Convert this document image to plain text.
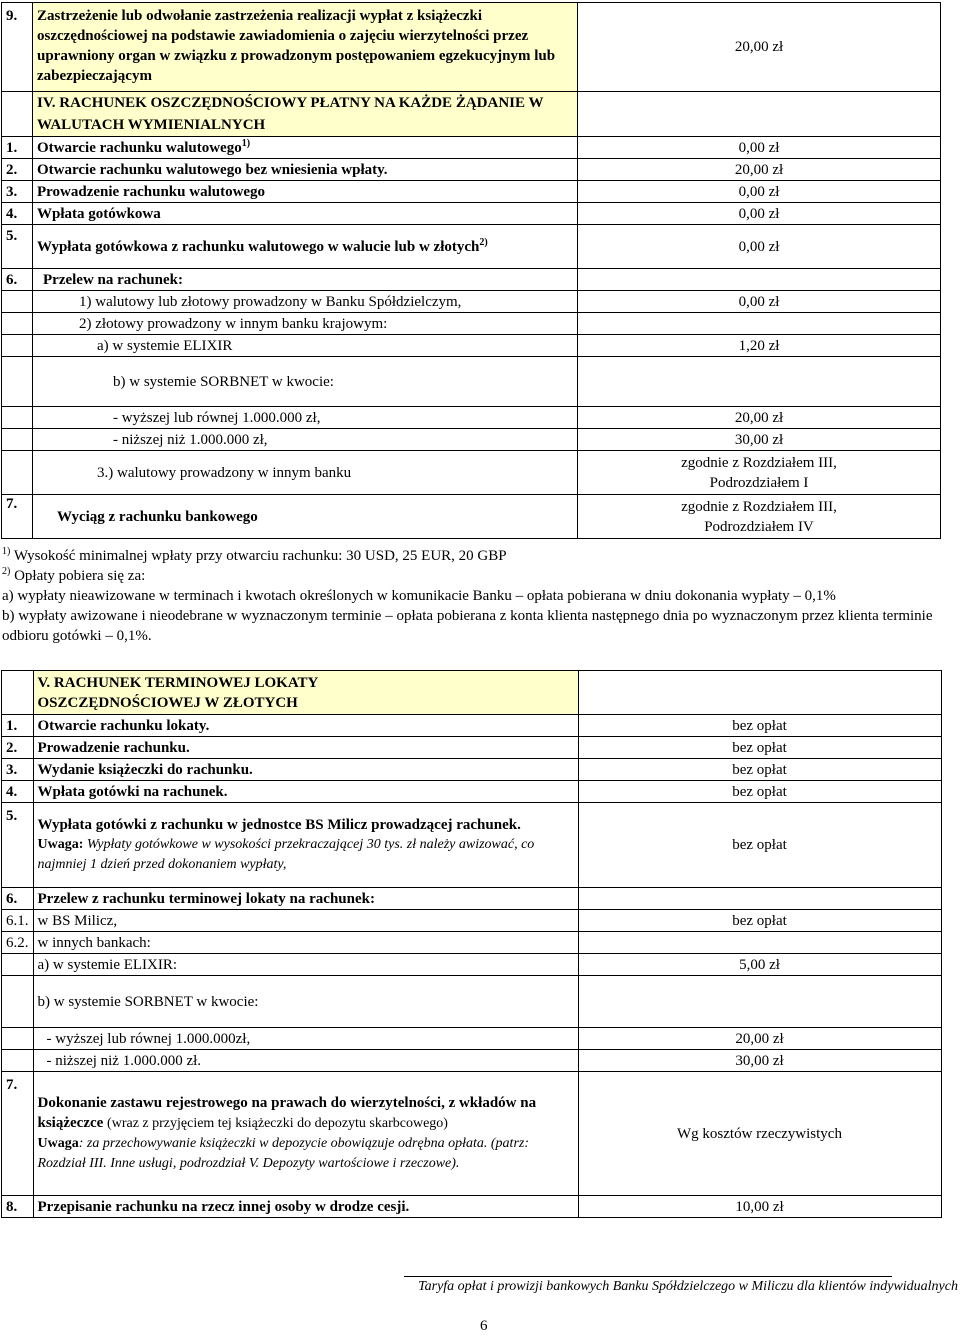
9.	Zastrzeżenie lub odwołanie zastrzeżenia realizacji wypłat z książeczki oszczędnościowej na podstawie zawiadomienia o zajęciu wierzytelności przez uprawniony organ w związku z prowadzonym postępowaniem egzekucyjnym lub zabezpieczającym	20,00 zł
	IV. RACHUNEK OSZCZĘDNOŚCIOWY PŁATNY NA KAŻDE ŻĄDANIE W WALUTACH WYMIENIALNYCH	
1.	Otwarcie rachunku walutowego$^{1)}$	0,00 zł
2.	Otwarcie rachunku walutowego bez wniesienia wpłaty.	20,00 zł
3.	Prowadzenie rachunku walutowego	0,00 zł
4.	Wpłata gotówkowa	0,00 zł
5.	Wypłata gotówkowa z rachunku walutowego w walucie lub w złotych$^{2)}$	0,00 zł
6.	Przelew na rachunek:	
	1) walutowy lub złotowy prowadzony w Banku Spółdzielczym,	0,00 zł
	2) złotowy prowadzony w innym banku krajowym:	
	a) w systemie ELIXIR	1,20 zł
	b) w systemie SORBNET w kwocie:	
	- wyższej lub równej 1.000.000 zł,	20,00 zł
	- niższej niż 1.000.000 zł,	30,00 zł
	3.) walutowy prowadzony w innym banku	zgodnie z Rozdziałem III,
Podrozdziałem I

7.	Wyciąg z rachunku bankowego	zgodnie z Rozdziałem III,
Podrozdziałem IV

$^{1)}$ Wysokość minimalnej wpłaty przy otwarciu rachunku: 30 USD, 25 EUR, 20 GBP

$^{2)}$ Opłaty pobiera się za:

a) wypłaty nieawizowane w terminach i kwotach określonych w komunikacie Banku – opłata pobierana w dniu dokonania wypłaty – 0,1%

b) wypłaty awizowane i nieodebrane w wyznaczonym terminie – opłata pobierana z konta klienta następnego dnia po wyznaczonym przez klienta terminie odbioru gotówki – 0,1%.

	V. RACHUNEK TERMINOWEJ LOKATY
OSZCZĘDNOŚCIOWEJ W ZŁOTYCH	

1.	Otwarcie rachunku lokaty.	bez opłat
2.	Prowadzenie rachunku.	bez opłat
3.	Wydanie książeczki do rachunku.	bez opłat
4.	Wpłata gotówki na rachunek.	bez opłat
5.	Wypłata gotówki z rachunku w jednostce BS Milicz prowadzącej rachunek.
Uwaga: Wypłaty gotówkowe w wysokości przekraczającej 30 tys. zł należy awizować, co najmniej 1 dzień przed dokonaniem wypłaty,	bez opłat
6.	Przelew z rachunku terminowej lokaty na rachunek:	
6.1.	w BS Milicz,	bez opłat
6.2.	w innych bankach:	
	a) w systemie ELIXIR:	5,00 zł
	b) w systemie SORBNET w kwocie:	
	- wyższej lub równej 1.000.000zł,	20,00 zł
	- niższej niż 1.000.000 zł.	30,00 zł
7.	Dokonanie zastawu rejestrowego na prawach do wierzytelności, z wkładów na książeczce (wraz z przyjęciem tej książeczki do depozytu skarbcowego)
Uwaga: za przechowywanie książeczki w depozycie obowiązuje odrębna opłata. (patrz: Rozdział III. Inne usługi, podrozdział V. Depozyty wartościowe i rzeczowe).	Wg kosztów rzeczywistych
8.	Przepisanie rachunku na rzecz innej osoby w drodze cesji.	10,00 zł
Taryfa opłat i prowizji bankowych Banku Spółdzielczego w Miliczu dla klientów indywidualnych
6
